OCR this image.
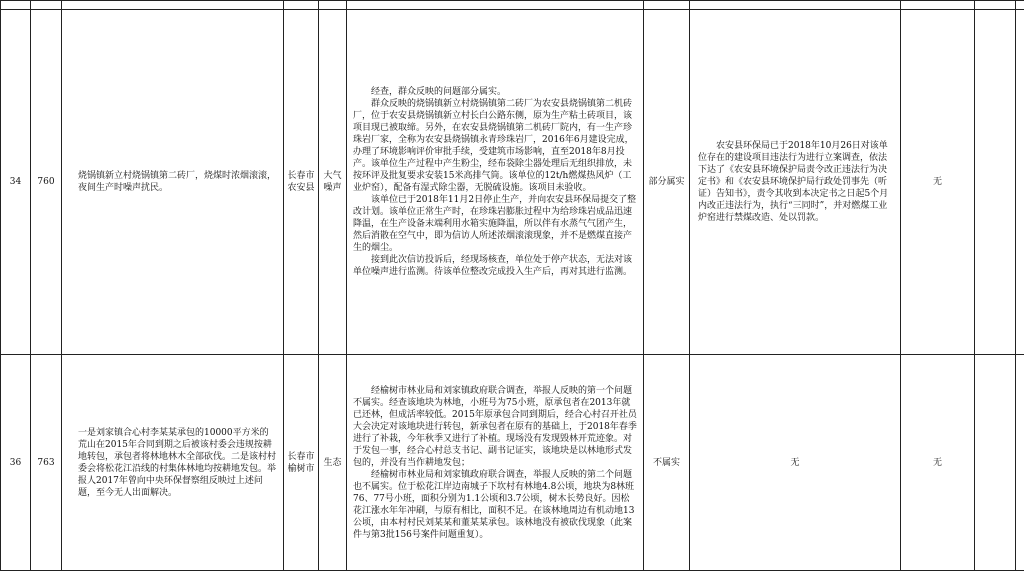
34	760	烧锅镇新立村烧锅镇第二砖厂，烧煤时浓烟滚滚，夜间生产时噪声扰民。	长春市农安县	大气噪声	经查，群众反映的问题部分属实。

群众反映的烧锅镇新立村烧锅镇第二砖厂为农安县烧锅镇第二机砖厂，位于农安县烧锅镇新立村长白公路东侧，原为生产粘土砖项目，该项目现已被取缔。另外，在农安县烧锅镇第二机砖厂院内，有一生产珍珠岩厂家，全称为农安县烧锅镇永青珍珠岩厂，2016年6月建设完成，办理了环境影响评价审批手续，受建筑市场影响，直至2018年8月投产。该单位生产过程中产生粉尘，经布袋除尘器处理后无组织排放，未按环评及批复要求安装15米高排气筒。该单位的12t/h燃煤热风炉（工业炉窑），配备有湿式除尘器，无脱硫设施。该项目未验收。

该单位已于2018年11月2日停止生产，并向农安县环保局提交了整改计划。该单位正常生产时，在珍珠岩膨胀过程中为给珍珠岩成品迅速降温，在生产设备末端利用水箱实施降温，所以伴有水蒸气气团产生，然后消散在空气中，即为信访人所述浓烟滚滚现象，并不是燃煤直接产生的烟尘。

接到此次信访投诉后，经现场核查，单位处于停产状态，无法对该单位噪声进行监测。待该单位整改完成投入生产后，再对其进行监测。	部分属实	农安县环保局已于2018年10月26日对该单位存在的建设项目违法行为进行立案调查，依法下达了《农安县环境保护局责令改正违法行为决定书》和《农安县环境保护局行政处罚事先（听证）告知书》，责令其收到本决定书之日起5个月内改正违法行为，执行“三同时”，并对燃煤工业炉窑进行禁煤改造、处以罚款。	无		
36	763	一是刘家镇合心村李某某承包的10000平方米的荒山在2015年合同到期之后被该村委会违规按耕地转包，承包者将林地林木全部砍伐。二是该村村委会将松花江沿线的村集体林地均按耕地发包。举报人2017年曾向中央环保督察组反映过上述问题，至今无人出面解决。	长春市榆树市	生态	经榆树市林业局和刘家镇政府联合调查，举报人反映的第一个问题不属实。经查该地块为林地，小班号为75小班，原承包者在2013年就已还林，但成活率较低。2015年原承包合同到期后，经合心村召开社员大会决定对该地块进行转包，新承包者在原有的基础上，于2018年春季进行了补栽，今年秋季又进行了补植。现场没有发现毁林开荒迹象。对于发包一事，经合心村总支书记、副书记证实，该地块是以林地形式发包的，并没有当作耕地发包；

经榆树市林业局和刘家镇政府联合调查，举报人反映的第二个问题也不属实。位于松花江岸边南城子下坎村有林地4.8公顷，地块为8林班76、77号小班，面积分别为1.1公顷和3.7公顷，树木长势良好。因松花江涨水年年冲刷，与原有相比，面积不足。在该林地周边有机动地13公顷，由本村村民刘某某和董某某承包。该林地没有被砍伐现象（此案件与第3批156号案件问题重复）。	不属实	无	无		
